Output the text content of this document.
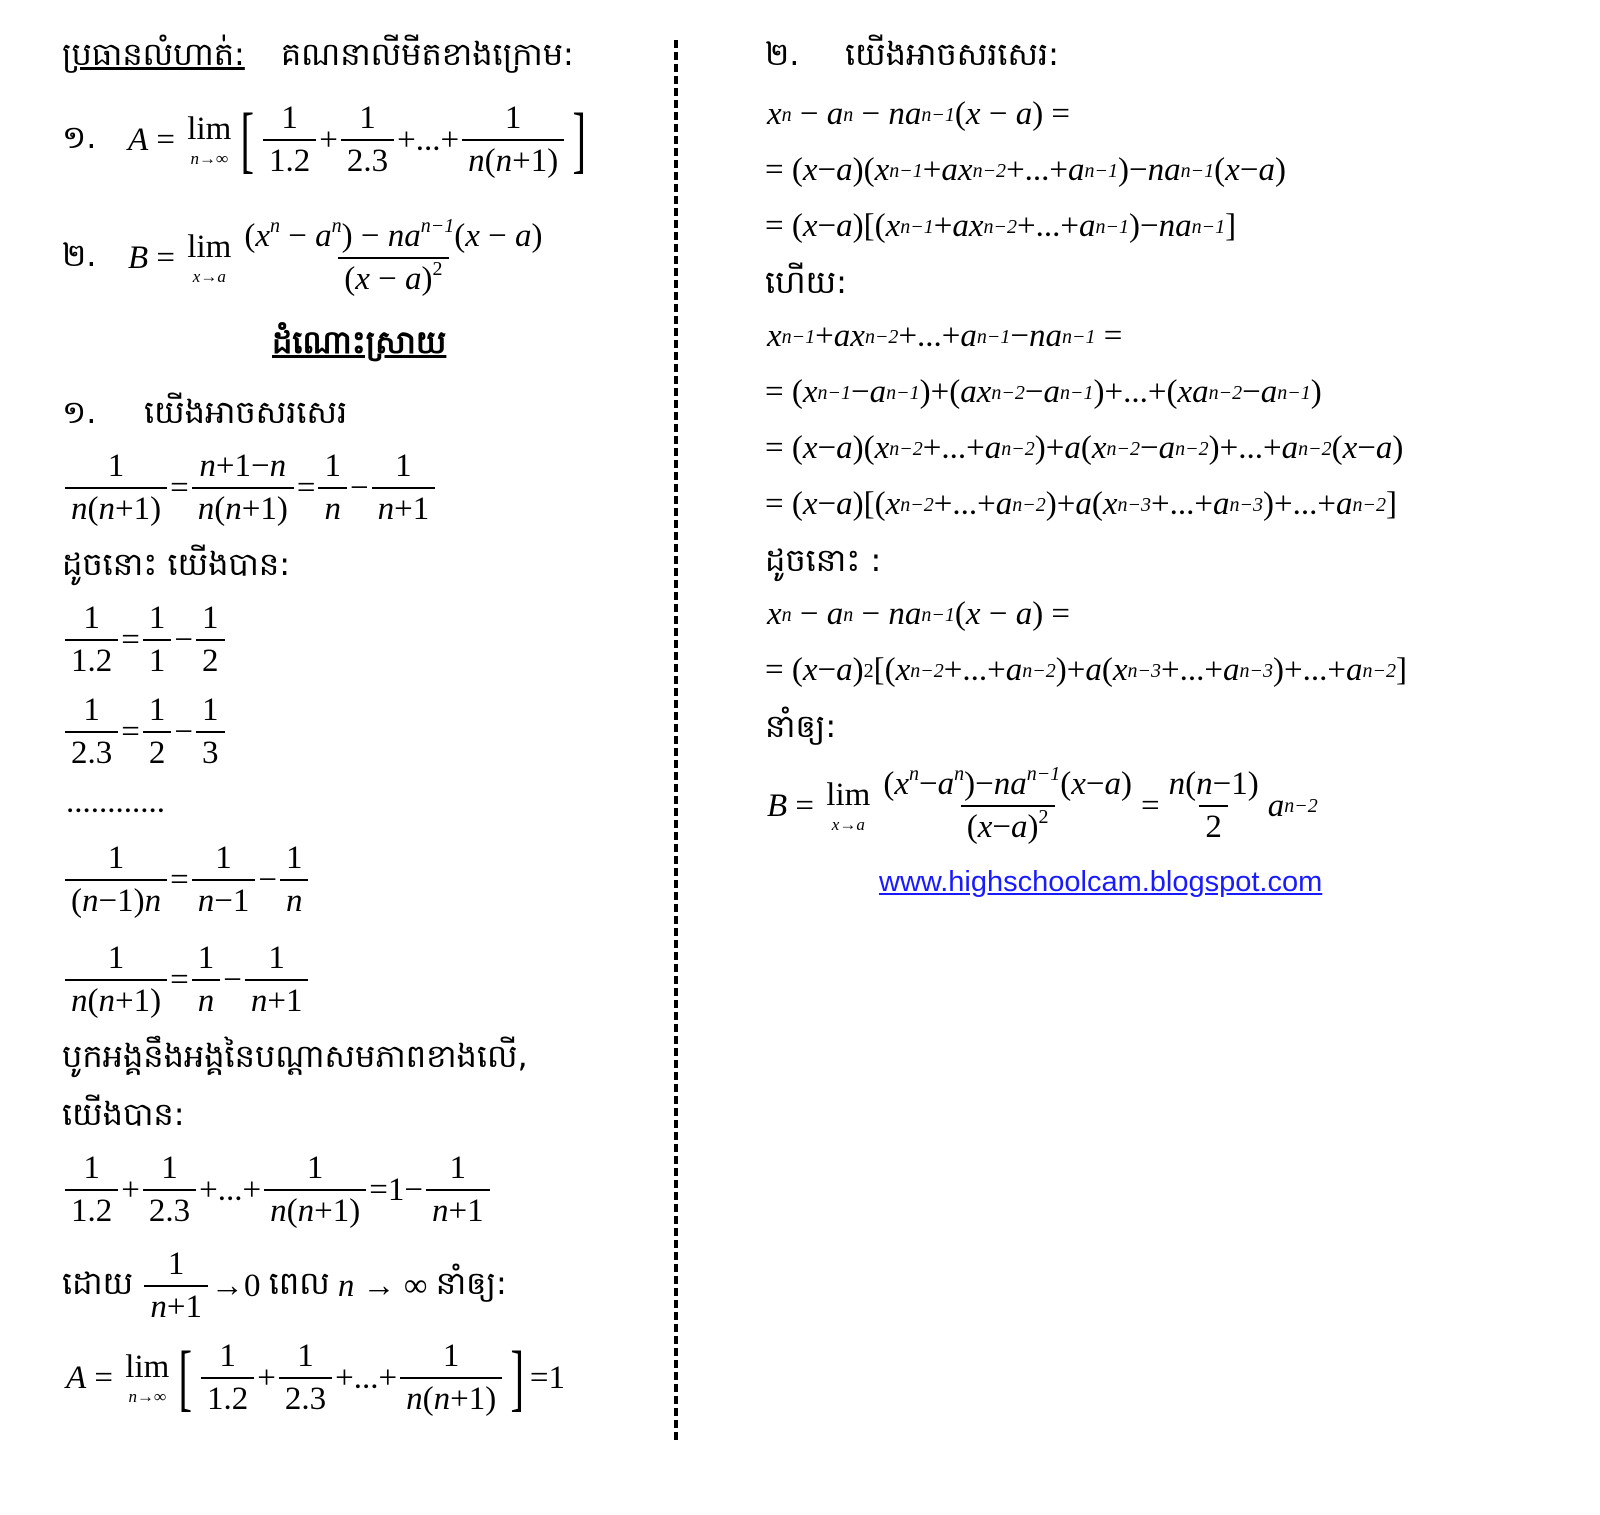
ប្រធានលំហាត់: គណនាលីមីតខាងក្រោម:
១. A = lim
n→∞ [ $\frac{1}{1.2} + \frac{1}{2.3}$ +...+ $\frac{1}{n(n+1)}$ ]
២. B = lim
$x\to a \frac{(x^n - a^n) - na^{n-1}(x - a)}{(x - a)^2}$
ដំណោះស្រាយ
១.	យើងអាចសរសេរ
$\frac{1}{n(n+1)} = \frac{n+1-n}{n(n+1)} = \frac{1}{n} - \frac{1}{n+1}$
ដូចនោះ យើងបាន:
$\frac{1}{1.2} = \frac{1}{1} - \frac{1}{2}$
$\frac{1}{2.3} = \frac{1}{2} - \frac{1}{3}$
............
$\frac{1}{(n-1)n} = \frac{1}{n-1} - \frac{1}{n}$
$\frac{1}{n(n+1)} = \frac{1}{n} - \frac{1}{n+1}$
បូកអង្គនឹងអង្គនៃបណ្ដាសមភាពខាងលើ,
យើងបាន:
$\frac{1}{1.2} + \frac{1}{2.3}$ +...+ $\frac{1}{n(n+1)} =1- \frac{1}{n+1}$
ដោយ
$\frac{1}{n+1} \to 0$ ពេល
n → ∞ នាំឲ្យ:
A = lim
n→∞ [ $\frac{1}{1.2} + \frac{1}{2.3}$ +...+ $\frac{1}{n(n+1)}$ ] =1
២.	យើងអាចសរសេរ:
x n − a n − na n−1 ( x − a ) =
= ( x − a )( x n−1 + ax n−2 +...+ a n−1 )− na n−1 ( x − a )
= ( x − a )[( x n−1 + ax n−2 +...+ a n−1 )− na n−1 ]
ហើយ:
x n−1 + ax n−2 +...+ a n−1 − na n−1 =
= ( x n−1 − a n−1 )+( ax n−2 − a n−1 )+...+( xa n−2 − a n−1 )
= ( x − a )( x n−2 +...+ a n−2 )+ a ( x n−2 − a n−2 )+...+ a n−2 ( x − a )
= ( x − a )[( x n−2 +...+ a n−2 )+ a ( x n−3 +...+ a n−3 )+...+ a n−2 ]
ដូចនោះ :
x n − a n − na n−1 ( x − a ) =
= ( x − a ) 2 [( x n−2 +...+ a n−2 )+ a ( x n−3 +...+ a n−3 )+...+ a n−2 ]
នាំឲ្យ:
B = lim
$x\to a \frac{(x^n-a^n)-na^{n-1}(x-a)}{(x-a)^2} = \frac{n(n-1)}{2}$ a n−2
www.highschoolcam.blogspot.com
